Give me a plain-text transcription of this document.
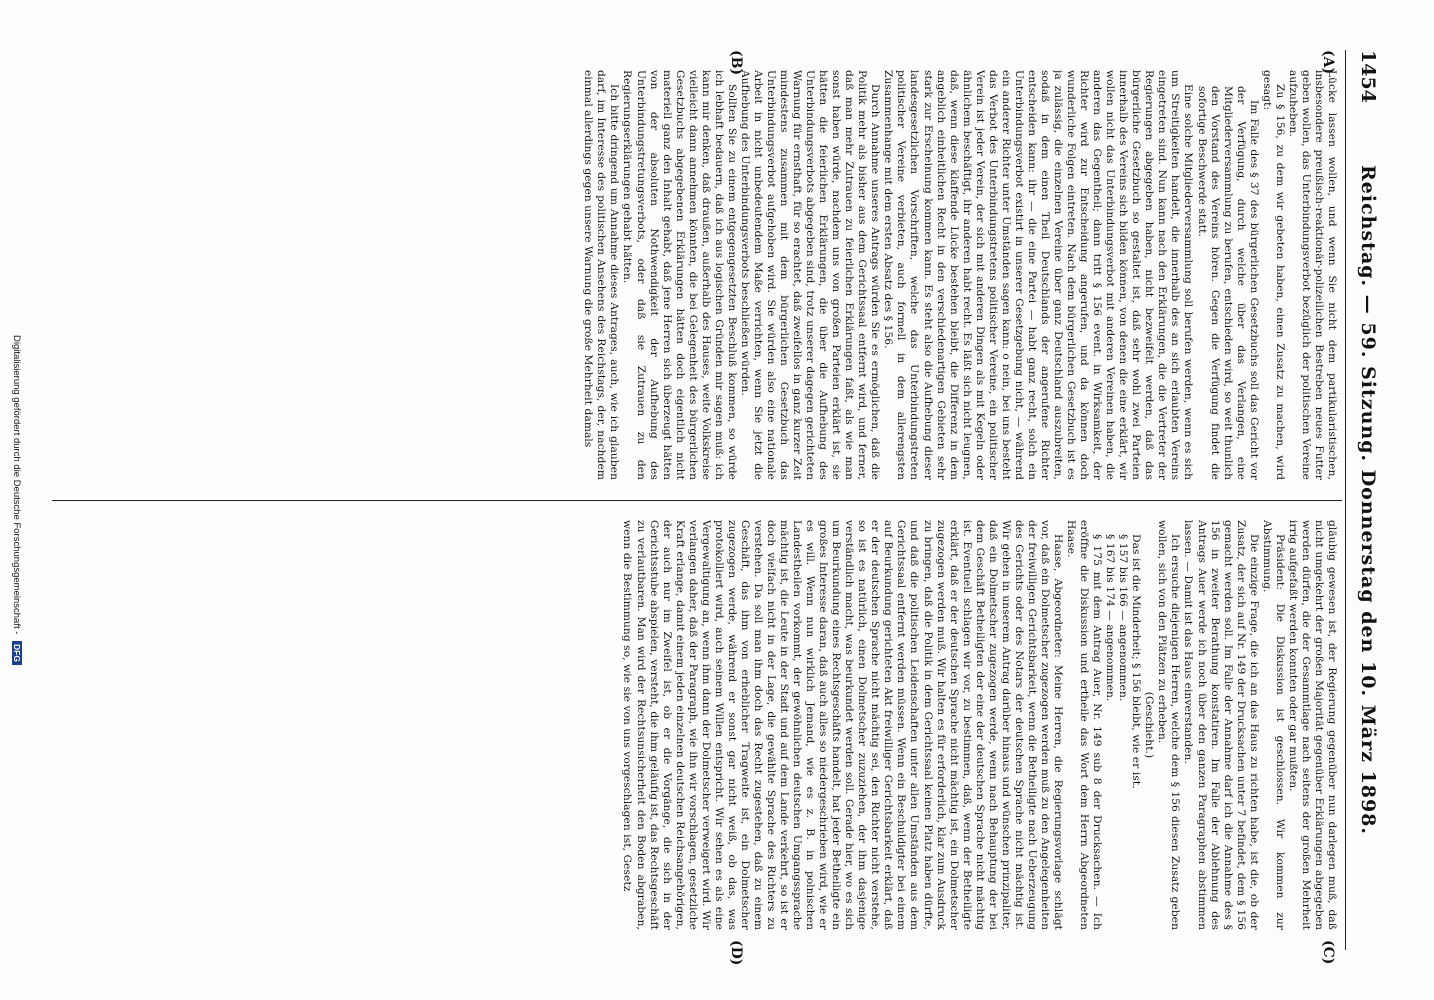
1454
Reichstag. — 59. Sitzung. Donnerstag den 10. März 1898.
(A)
(B)
(C)
(D)

Lücke lassen wollen, und wenn Sie nicht dem partikularistischen, insbesondere preußisch-reaktionär-polizeilichen Bestreben neues Futter geben wollen, das Unterbindungsverbot bezüglich der politischen Vereine aufzuheben.

Zu § 156, zu dem wir gebeten haben, einen Zusatz zu machen, wird gesagt:

Im Falle des § 37 des bürgerlichen Gesetzbuchs soll das Gericht vor der Verfügung, durch welche über das Verlangen, eine Mitgliederversammlung zu berufen, entschieden wird, so weit thunlich den Vorstand des Vereins hören. Gegen die Verfügung findet die sofortige Beschwerde statt.

Eine solche Mitgliederversammlung soll berufen werden, wenn es sich um Streitigkeiten handelt, die innerhalb des an sich erlaubten Vereins eingetreten sind. Nun kann nach den Erklärungen, die die Vertreter der Regierungen abgegeben haben, nicht bezweifelt werden, daß das bürgerliche Gesetzbuch so gestaltet ist, daß sehr wohl zwei Parteien innerhalb des Vereins sich bilden können, von denen die eine erklärt, wir wollen nicht das Unterbindungsverbot mit anderen Vereinen haben, die anderen das Gegentheil; dann tritt § 156 event. in Wirksamkeit, der Richter wird zur Entscheidung angerufen, und da können doch wunderliche Folgen eintreten. Nach dem bürgerlichen Gesetzbuch ist es ja zulässig, die einzelnen Vereine über ganz Deutschland auszubreiten, sodaß in dem einen Theil Deutschlands der angerufene Richter entscheiden kann: ihr — die eine Partei — habt ganz recht, solch ein Unterbindungsverbot existirt in unserer Gesetzgebung nicht, — während ein anderer Richter unter Umständen sagen kann: o nein, bei uns besteht das Verbot des Unterbindungstretens politischer Vereine, ein politischer Verein ist jeder Verein, der sich mit anderen Dingen als mit Kegeln oder ähnlichem beschäftigt, ihr anderen habt recht. Es läßt sich nicht leugnen, daß, wenn diese klaffende Lücke bestehen bleibt, die Differenz in dem angeblich einheitlichen Recht in den verschiedenartigen Gebieten sehr stark zur Erscheinung kommen kann. Es steht also die Aufhebung dieser landesgesetzlichen Vorschriften, welche das Unterbindungstreten politischer Vereine verbieten, auch formell in dem allerengsten Zusammenhange mit dem ersten Absatz des § 156.

Durch Annahme unseres Antrags würden Sie es ermöglichen, daß die Politik mehr als bisher aus dem Gerichtssaal entfernt wird, und ferner, daß man mehr Zutrauen zu feierlichen Erklärungen faßt, als wie man sonst haben würde, nachdem uns von großen Parteien erklärt ist, sie hätten die feierlichen Erklärungen, die über die Aufhebung des Unterbindungsverbots abgegeben sind, trotz unserer dagegen gerichteten Warnung für ernsthaft, für so erachtet, daß zweifellos in ganz kurzer Zeit mindestens zusammen mit dem bürgerlichen Gesetzbuch das Unterbindungsverbot aufgehoben wird. Sie würden also eine nationale Arbeit in nicht unbedeutendem Maße verrichten, wenn Sie jetzt die Aufhebung des Unterbindungsverbots beschließen würden.

Sollten Sie zu einem entgegengesetzten Beschluß kommen, so würde ich lebhaft bedauern, daß ich aus logischen Gründen mir sagen muß: ich kann mir denken, daß draußen, außerhalb des Hauses, weite Volkskreise vielleicht dann annehmen könnten, die bei Gelegenheit des bürgerlichen Gesetzbuchs abgegebenen Erklärungen hätten doch eigentlich nicht materiell ganz den Inhalt gehabt, daß jene Herren sich überzeugt hätten von der absoluten Nothwendigkeit der Aufhebung des Unterbindungstretungsverbots, oder daß sie Zutrauen zu den Regierungserklärungen gehabt hätten.

Ich bitte dringend um Annahme dieses Antrages, auch, wie ich glauben darf, im Interesse des politischen Ansehens des Reichstags, der, nachdem einmal allerdings gegen unsere Warnung die große Mehrheit damals

gläubig gewesen ist, der Regierung gegenüber nun darlegen muß, daß nicht umgekehrt der großen Majorität gegenüber Erklärungen abgegeben werden dürfen, die der Gesammtlage nach seitens der großen Mehrheit irrig aufgefaßt werden konnten oder gar mußten.

Präsident: Die Diskussion ist geschlossen. Wir kommen zur Abstimmung.

Die einzige Frage, die ich an das Haus zu richten habe, ist die, ob der Zusatz, der sich auf Nr. 149 der Drucksachen unter 7 befindet, dem § 156 gemacht werden soll. Im Falle der Annahme darf ich die Annahme des § 156 in zweiter Berathung konstatiren. Im Falle der Ablehnung des Antrags Auer werde ich noch über den ganzen Paragraphen abstimmen lassen. — Damit ist das Haus einverstanden.

Ich ersuche diejenigen Herren, welche dem § 156 diesen Zusatz geben wollen, sich von den Plätzen zu erheben.

(Geschieht.)

Das ist die Minderheit; § 156 bleibt, wie er ist.

§ 157 bis 166 — angenommen.

§ 167 bis 174 — angenommen.

§ 175 mit dem Antrag Auer, Nr. 149 sub 8 der Drucksachen. — Ich eröffne die Diskussion und ertheile das Wort dem Herrn Abgeordneten Haase.

Haase, Abgeordneter: Meine Herren, die Regierungsvorlage schlägt vor, daß ein Dolmetscher zugezogen werden muß zu den Angelegenheiten der freiwilligen Gerichtsbarkeit, wenn die Betheiligte nach Ueberzeugung des Gerichts oder des Notars der deutschen Sprache nicht mächtig ist. Wir gehen in unserem Antrag darüber hinaus und wünschen prinzipaliter, daß ein Dolmetscher zugezogen werde, wenn nach Behauptung der bei dem Geschäft Betheiligten der eine der deutschen Sprache nicht mächtig ist. Eventuell schlagen wir vor, zu bestimmen, daß, wenn der Betheiligte erklärt, daß er der deutschen Sprache nicht mächtig ist, ein Dolmetscher zugezogen werden muß. Wir halten es für erforderlich, klar zum Ausdruck zu bringen, daß die Politik in dem Gerichtssaal keinen Platz haben dürfte, und daß die politischen Leidenschaften unter allen Umständen aus dem Gerichtssaal entfernt werden müssen. Wenn ein Beschuldigter bei einem auf Beurkundung gerichteten Akt freiwilliger Gerichtsbarkeit erklärt, daß er der deutschen Sprache nicht mächtig sei, den Richter nicht verstehe, so ist es natürlich, einen Dolmetscher zuzuziehen, der ihm dasjenige verständlich macht, was beurkundet werden soll. Gerade hier, wo es sich um Beurkundung eines Rechtsgeschäfts handelt, hat jeder Betheiligte ein großes Interesse daran, daß auch alles so niedergeschrieben wird, wie er es will. Wenn nun wirklich Jemand, wie es z. B. in polnischen Landestheilen vorkommt, der gewöhnlichen deutschen Umgangssprache mächtig ist, die Leute in der Stadt und auf dem Lande verkehrt, so ist er doch vielfach nicht in der Lage, die gewählte Sprache des Richters zu verstehen. Da soll man ihm doch das Recht zugestehen, daß zu einem Geschäft, das ihm von erheblicher Tragweite ist, ein Dolmetscher zugezogen werde, während er sonst gar nicht weiß, ob das, was protokolliert wird, auch seinem Willen entspricht. Wir sehen es als eine Vergewaltigung an, wenn ihm dann der Dolmetscher verweigert wird. Wir verlangen daher, daß der Paragraph, wie ihn wir vorschlagen, gesetzliche Kraft erlange, damit einem jeden einzelnen deutschen Reichsangehörigen, der auch nur im Zweifel ist, ob er die Vorgänge, die sich in der Gerichtsstube abspielen, versteht, die ihm geläufig ist, das Rechtsgeschäft zu verlautbaren. Man wird der Rechtsunsicherheit den Boden abgraben, wenn die Bestimmung so, wie sie von uns vorgeschlagen ist, Gesetz

Digitalisierung gefördert durch die Deutsche Forschungsgemeinschaft - DFG
